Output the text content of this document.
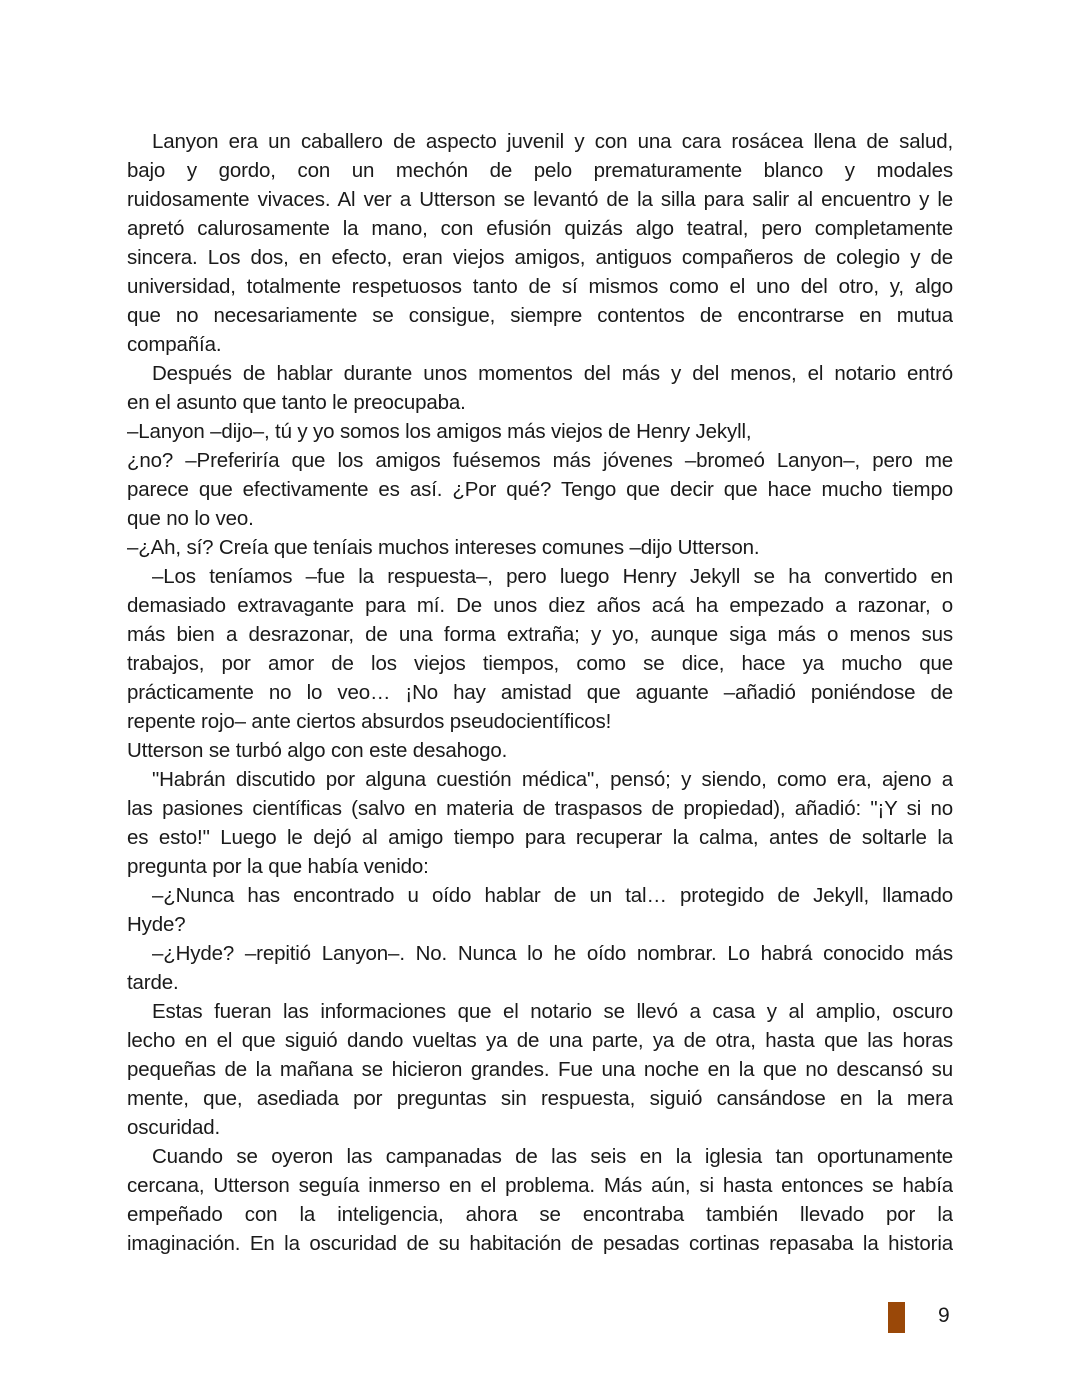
Lanyon era un caballero de aspecto juvenil y con una cara rosácea llena de salud,
bajo y gordo, con un mechón de pelo prematuramente blanco y modales
ruidosamente vivaces. Al ver a Utterson se levantó de la silla para salir al encuentro y le
apretó calurosamente la mano, con efusión quizás algo teatral, pero completamente
sincera. Los dos, en efecto, eran viejos amigos, antiguos compañeros de colegio y de
universidad, totalmente respetuosos tanto de sí mismos como el uno del otro, y, algo
que no necesariamente se consigue, siempre contentos de encontrarse en mutua
compañía.
Después de hablar durante unos momentos del más y del menos, el notario entró
en el asunto que tanto le preocupaba.
–Lanyon –dijo–, tú y yo somos los amigos más viejos de Henry Jekyll,
¿no? –Preferiría que los amigos fuésemos más jóvenes –bromeó Lanyon–, pero me
parece que efectivamente es así. ¿Por qué? Tengo que decir que hace mucho tiempo
que no lo veo.
–¿Ah, sí? Creía que teníais muchos intereses comunes –dijo Utterson.
–Los teníamos –fue la respuesta–, pero luego Henry Jekyll se ha convertido en
demasiado extravagante para mí. De unos diez años acá ha empezado a razonar, o
más bien a desrazonar, de una forma extraña; y yo, aunque siga más o menos sus
trabajos, por amor de los viejos tiempos, como se dice, hace ya mucho que
prácticamente no lo veo… ¡No hay amistad que aguante –añadió poniéndose de
repente rojo– ante ciertos absurdos pseudocientíficos!
Utterson se turbó algo con este desahogo.
"Habrán discutido por alguna cuestión médica", pensó; y siendo, como era, ajeno a
las pasiones científicas (salvo en materia de traspasos de propiedad), añadió: "¡Y si no
es esto!" Luego le dejó al amigo tiempo para recuperar la calma, antes de soltarle la
pregunta por la que había venido:
–¿Nunca has encontrado u oído hablar de un tal… protegido de Jekyll, llamado
Hyde?
–¿Hyde? –repitió Lanyon–. No. Nunca lo he oído nombrar. Lo habrá conocido más
tarde.
Estas fueran las informaciones que el notario se llevó a casa y al amplio, oscuro
lecho en el que siguió dando vueltas ya de una parte, ya de otra, hasta que las horas
pequeñas de la mañana se hicieron grandes. Fue una noche en la que no descansó su
mente, que, asediada por preguntas sin respuesta, siguió cansándose en la mera
oscuridad.
Cuando se oyeron las campanadas de las seis en la iglesia tan oportunamente
cercana, Utterson seguía inmerso en el problema. Más aún, si hasta entonces se había
empeñado con la inteligencia, ahora se encontraba también llevado por la
imaginación. En la oscuridad de su habitación de pesadas cortinas repasaba la historia
9
